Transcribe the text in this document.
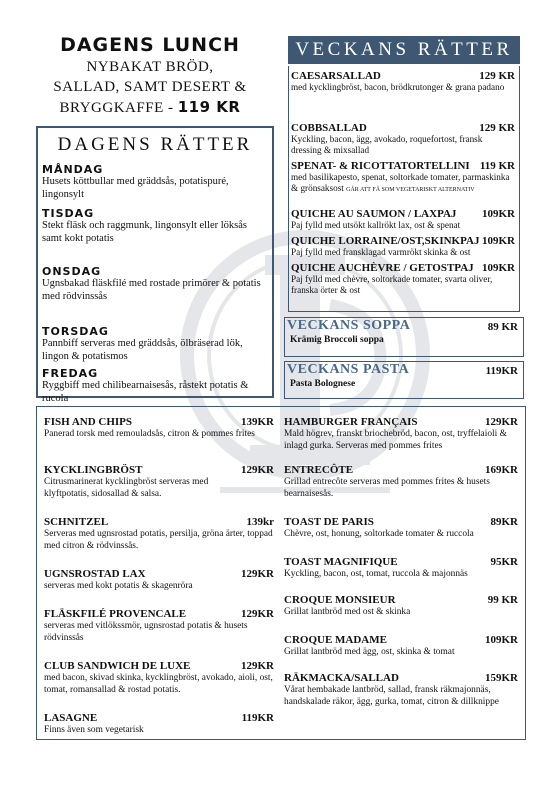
DAGENS LUNCH
NYBAKAT BRÖD,
SALLAD, SAMT DESERT &
BRYGGKAFFE - 119 KR
VECKANS RÄTTER
CAESARSALLAD	129 KR
med kycklingbröst, bacon, brödkrutonger & grana padano
COBBSALLAD	129 KR
Kyckling, bacon, ägg, avokado, roquefortost, fransk dressing & mixsallad
SPENAT- & RICOTTATORTELLINI 119 KR
med basilikapesto, spenat, soltorkade tomater, parmaskinka & grönsaksost GÅR ATT FÅ SOM VEGETARISKT ALTERNATIV
QUICHE AU SAUMON / LAXPAJ 109KR
Paj fylld med utsökt kallrökt lax, ost & spenat
QUICHE LORRAINE/OST,SKINKPAJ 109KR
Paj fylld med fransklagad varmrökt skinka & ost
QUICHE AUCHÈVRE / GETOSTPAJ 109KR
Paj fylld med chèvre, soltorkade tomater, svarta oliver, franska örter & ost
DAGENS RÄTTER
MÅNDAG
Husets köttbullar med gräddsås, potatispuré, lingonsylt
TISDAG
Stekt fläsk och raggmunk, lingonsylt eller löksås samt kokt potatis
ONSDAG
Ugnsbakad fläskfilé med rostade primörer & potatis med rödvinssås
TORSDAG
Pannbiff serveras med gräddsås, ölbräserad lök, lingon & potatismos
FREDAG
Ryggbiff med chilibearnaisesås, råstekt potatis & rucola
VECKANS SOPPA	89 KR
Krämig Broccoli soppa
VECKANS PASTA	119KR
Pasta Bolognese
FISH AND CHIPS	139KR
Panerad torsk med remouladsås, citron & pommes frites
KYCKLINGBRÖST	129KR
Citrusmarinerat kycklingbröst serveras med klyftpotatis, sidosallad & salsa.
SCHNITZEL	139kr
Serveras med ugnsrostad potatis, persilja, gröna ärter, toppad med citron & rödvinssås.
UGNSROSTAD LAX	129KR
serveras med kokt potatis & skagenröra
FLÄSKFILÉ PROVENCALE	129KR
serveras med vitlökssmör, ugnsrostad potatis & husets rödvinssås
CLUB SANDWICH DE LUXE	129KR
med bacon, skivad skinka, kycklingbröst, avokado, aioli, ost, tomat, romansallad & rostad potatis.
LASAGNE	119KR
Finns även som vegetarisk
HAMBURGER FRANÇAIS	129KR
Mald högrev, franskt briochebröd, bacon, ost, tryffelaioli & inlagd gurka. Serveras med pommes frites
ENTRECÔTE	169KR
Grillad entrecôte serveras med pommes frites & husets bearnaisesås.
TOAST DE PARIS	89KR
Chèvre, ost, honung, soltorkade tomater & ruccola
TOAST MAGNIFIQUE	95KR
Kyckling, bacon, ost, tomat, ruccola & majonnäs
CROQUE MONSIEUR	99 KR
Grillat lantbröd med ost & skinka
CROQUE MADAME	109KR
Grillat lantbröd med ägg, ost, skinka & tomat
RÄKMACKA/SALLAD	159KR
Vårat hembakade lantbröd, sallad, fransk räkmajonnäs, handskalade räkor, ägg, gurka, tomat, citron & dillknippe
